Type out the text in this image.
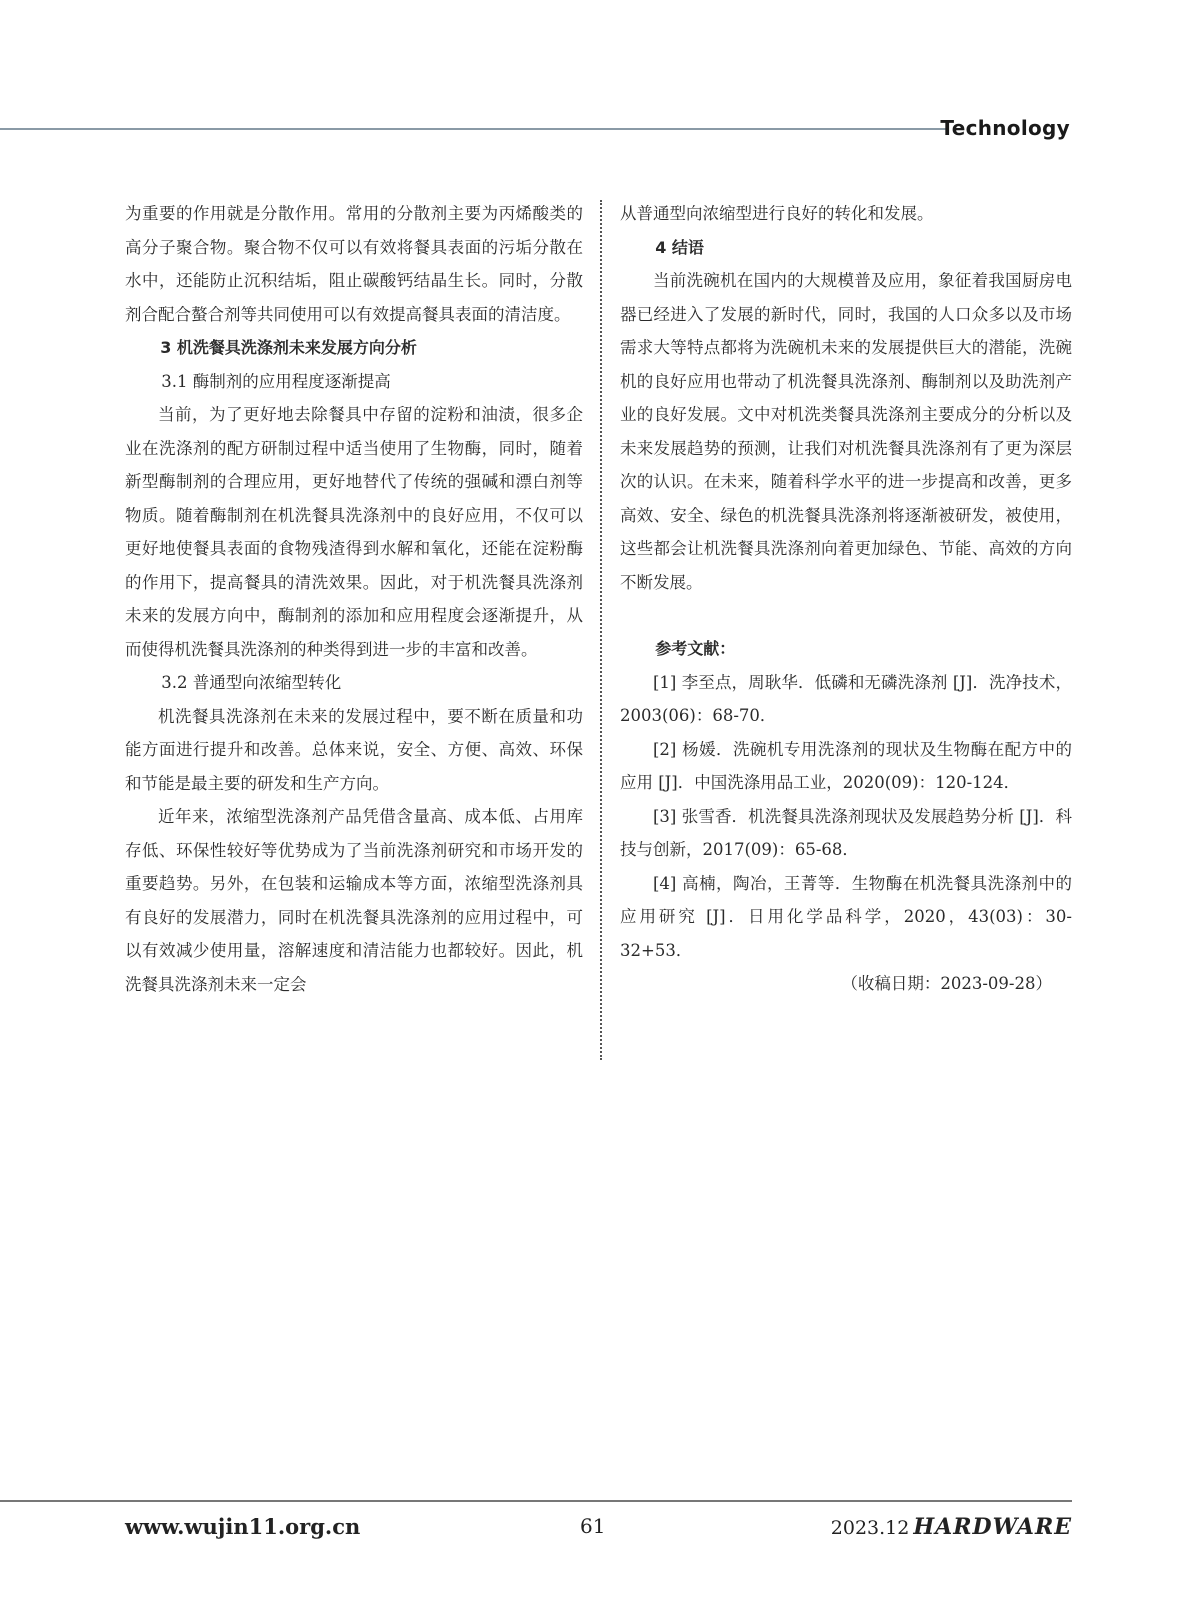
Technology

为重要的作用就是分散作用。常用的分散剂主要为丙烯酸类的高分子聚合物。聚合物不仅可以有效将餐具表面的污垢分散在水中，还能防止沉积结垢，阻止碳酸钙结晶生长。同时，分散剂合配合螯合剂等共同使用可以有效提高餐具表面的清洁度。

3 机洗餐具洗涤剂未来发展方向分析

3.1 酶制剂的应用程度逐渐提高

当前，为了更好地去除餐具中存留的淀粉和油渍，很多企业在洗涤剂的配方研制过程中适当使用了生物酶，同时，随着新型酶制剂的合理应用，更好地替代了传统的强碱和漂白剂等物质。随着酶制剂在机洗餐具洗涤剂中的良好应用，不仅可以更好地使餐具表面的食物残渣得到水解和氧化，还能在淀粉酶的作用下，提高餐具的清洗效果。因此，对于机洗餐具洗涤剂未来的发展方向中，酶制剂的添加和应用程度会逐渐提升，从而使得机洗餐具洗涤剂的种类得到进一步的丰富和改善。

3.2 普通型向浓缩型转化

机洗餐具洗涤剂在未来的发展过程中，要不断在质量和功能方面进行提升和改善。总体来说，安全、方便、高效、环保和节能是最主要的研发和生产方向。

近年来，浓缩型洗涤剂产品凭借含量高、成本低、占用库存低、环保性较好等优势成为了当前洗涤剂研究和市场开发的重要趋势。另外，在包装和运输成本等方面，浓缩型洗涤剂具有良好的发展潜力，同时在机洗餐具洗涤剂的应用过程中，可以有效减少使用量，溶解速度和清洁能力也都较好。因此，机洗餐具洗涤剂未来一定会

从普通型向浓缩型进行良好的转化和发展。

4 结语

当前洗碗机在国内的大规模普及应用，象征着我国厨房电器已经进入了发展的新时代，同时，我国的人口众多以及市场需求大等特点都将为洗碗机未来的发展提供巨大的潜能，洗碗机的良好应用也带动了机洗餐具洗涤剂、酶制剂以及助洗剂产业的良好发展。文中对机洗类餐具洗涤剂主要成分的分析以及未来发展趋势的预测，让我们对机洗餐具洗涤剂有了更为深层次的认识。在未来，随着科学水平的进一步提高和改善，更多高效、安全、绿色的机洗餐具洗涤剂将逐渐被研发，被使用，这些都会让机洗餐具洗涤剂向着更加绿色、节能、高效的方向不断发展。

参考文献：

[1] 李至点，周耿华．低磷和无磷洗涤剂 [J]．洗净技术，2003(06)：68-70．

[2] 杨媛．洗碗机专用洗涤剂的现状及生物酶在配方中的应用 [J]．中国洗涤用品工业，2020(09)：120-124．

[3] 张雪香．机洗餐具洗涤剂现状及发展趋势分析 [J]．科技与创新，2017(09)：65-68．

[4] 高楠，陶冶，王菁等．生物酶在机洗餐具洗涤剂中的应用研究 [J]．日用化学品科学，2020，43(03)：30-32+53．

（收稿日期：2023-09-28）

www.wujin11.org.cn	61	2023.12 HARDWARE
